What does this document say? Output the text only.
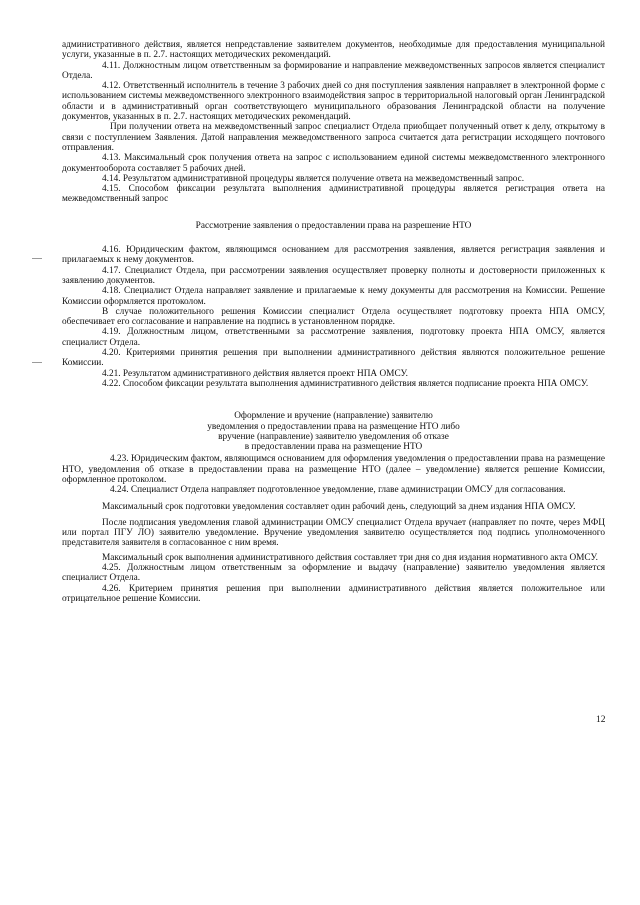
административного действия, является непредставление заявителем документов, необходимые для предоставления муниципальной услуги, указанные в п. 2.7. настоящих методических рекомендаций.

4.11. Должностным лицом ответственным за формирование и направление межведомственных запросов является специалист Отдела.

4.12. Ответственный исполнитель в течение 3 рабочих дней со дня поступления заявления направляет в электронной форме с использованием системы межведомственного электронного взаимодействия запрос в территориальной налоговый орган Ленинградской области и в административный орган соответствующего муниципального образования Ленинградской области на получение документов, указанных в п. 2.7. настоящих методических рекомендаций.

При получении ответа на межведомственный запрос специалист Отдела приобщает полученный ответ к делу, открытому в связи с поступлением Заявления. Датой направления межведомственного запроса считается дата регистрации исходящего почтового отправления.

4.13. Максимальный срок получения ответа на запрос с использованием единой системы межведомственного электронного документооборота составляет 5 рабочих дней.

4.14. Результатом административной процедуры является получение ответа на межведомственный запрос.

4.15. Способом фиксации результата выполнения административной процедуры является регистрация ответа на межведомственный запрос

Рассмотрение заявления о предоставлении права на разрешение НТО

4.16. Юридическим фактом, являющимся основанием для рассмотрения заявления, является регистрация заявления и прилагаемых к нему документов.

4.17. Специалист Отдела, при рассмотрении заявления осуществляет проверку полноты и достоверности приложенных к заявлению документов.

4.18. Специалист Отдела направляет заявление и прилагаемые к нему документы для рассмотрения на Комиссии. Решение Комиссии оформляется протоколом.

В случае положительного решения Комиссии специалист Отдела осуществляет подготовку проекта НПА ОМСУ, обеспечивает его согласование и направление на подпись в установленном порядке.

4.19. Должностным лицом, ответственными за рассмотрение заявления, подготовку проекта НПА ОМСУ, является специалист Отдела.

4.20. Критериями принятия решения при выполнении административного действия являются положительное решение Комиссии.

4.21. Результатом административного действия является проект НПА ОМСУ.

4.22. Способом фиксации результата выполнения административного действия является подписание проекта НПА ОМСУ.

Оформление и вручение (направление) заявителю

уведомления о предоставлении права на размещение НТО либо

вручение (направление) заявителю уведомления об отказе

в предоставлении права на размещение НТО

4.23. Юридическим фактом, являющимся основанием для оформления уведомления о предоставлении права на размещение НТО, уведомления об отказе в предоставлении права на размещение НТО (далее – уведомление) является решение Комиссии, оформленное протоколом.

4.24. Специалист Отдела направляет подготовленное уведомление, главе администрации ОМСУ для согласования.

Максимальный срок подготовки уведомления составляет один рабочий день, следующий за днем издания НПА ОМСУ.

После подписания уведомления главой администрации ОМСУ специалист Отдела вручает (направляет по почте, через МФЦ или портал ПГУ ЛО) заявителю уведомление. Вручение уведомления заявителю осуществляется под подпись уполномоченного представителя заявителя в согласованное с ним время.

Максимальный срок выполнения административного действия составляет три дня со дня издания нормативного акта ОМСУ.

4.25. Должностным лицом ответственным за оформление и выдачу (направление) заявителю уведомления является специалист Отдела.

4.26. Критерием принятия решения при выполнении административного действия является положительное или отрицательное решение Комиссии.

12
